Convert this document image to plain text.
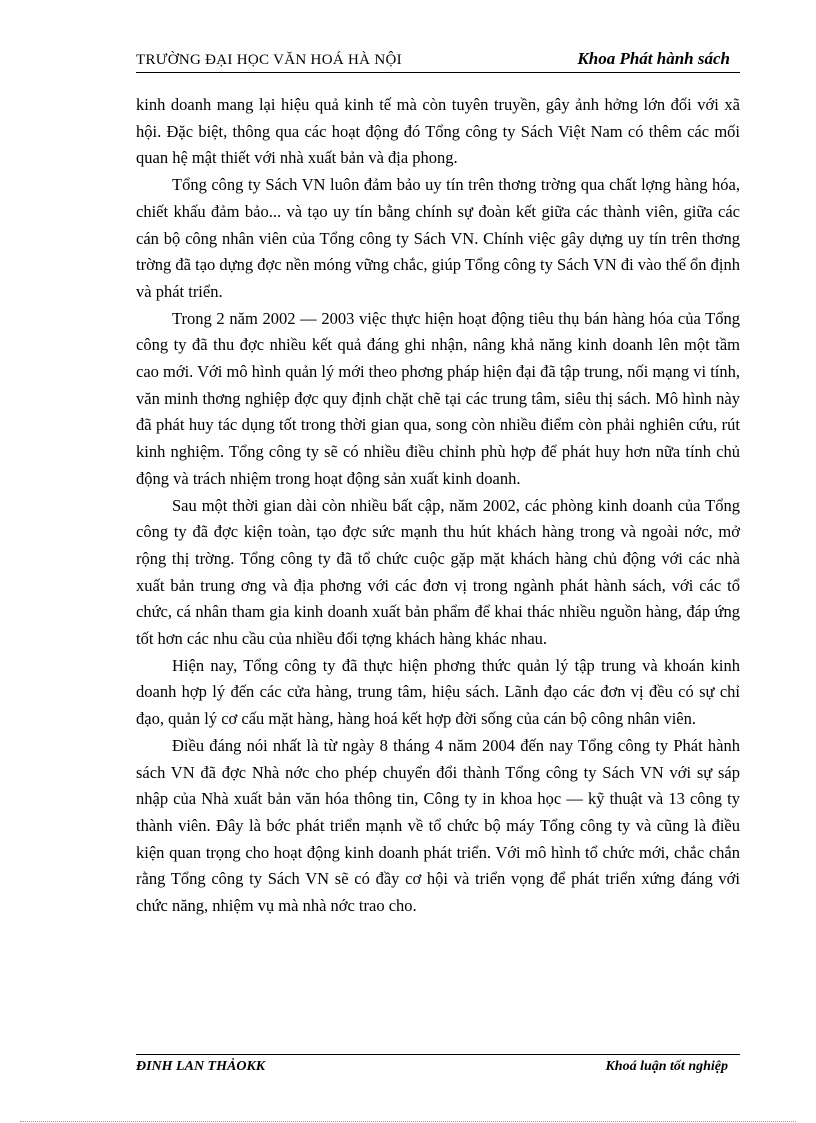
TRƯỜNG ĐẠI HỌC VĂN HOÁ HÀ NỘI	Khoa Phát hành sách

kinh doanh mang lại hiệu quả kinh tế mà còn tuyên truyền, gây ảnh hởng lớn đối với xã hội. Đặc biệt, thông qua các hoạt động đó Tổng công ty Sách Việt Nam có thêm các mối quan hệ mật thiết với nhà xuất bản và địa phong.

Tổng công ty Sách VN luôn đảm bảo uy tín trên thơng trờng qua chất lợng hàng hóa, chiết khấu đảm bảo... và tạo uy tín bằng chính sự đoàn kết giữa các thành viên, giữa các cán bộ công nhân viên của Tổng công ty Sách VN. Chính việc gây dựng uy tín trên thơng trờng đã tạo dựng đợc nền móng vững chắc, giúp Tổng công ty Sách VN đi vào thế ổn định và phát triển.

Trong 2 năm 2002 — 2003 việc thực hiện hoạt động tiêu thụ bán hàng hóa của Tổng công ty đã thu đợc nhiều kết quả đáng ghi nhận, nâng khả năng kinh doanh lên một tầm cao mới. Với mô hình quản lý mới theo phơng pháp hiện đại đã tập trung, nối mạng vi tính, văn minh thơng nghiệp đợc quy định chặt chẽ tại các trung tâm, siêu thị sách. Mô hình này đã phát huy tác dụng tốt trong thời gian qua, song còn nhiều điểm còn phải nghiên cứu, rút kinh nghiệm. Tổng công ty sẽ có nhiều điều chỉnh phù hợp để phát huy hơn nữa tính chủ động và trách nhiệm trong hoạt động sản xuất kinh doanh.

Sau một thời gian dài còn nhiều bất cập, năm 2002, các phòng kinh doanh của Tổng công ty đã đợc kiện toàn, tạo đợc sức mạnh thu hút khách hàng trong và ngoài nớc, mở rộng thị trờng. Tổng công ty đã tổ chức cuộc gặp mặt khách hàng chủ động với các nhà xuất bản trung ơng và địa phơng với các đơn vị trong ngành phát hành sách, với các tổ chức, cá nhân tham gia kinh doanh xuất bản phẩm để khai thác nhiều nguồn hàng, đáp ứng tốt hơn các nhu cầu của nhiều đối tợng khách hàng khác nhau.

Hiện nay, Tổng công ty đã thực hiện phơng thức quản lý tập trung và khoán kinh doanh hợp lý đến các cửa hàng, trung tâm, hiệu sách. Lãnh đạo các đơn vị đều có sự chỉ đạo, quản lý cơ cấu mặt hàng, hàng hoá kết hợp đời sống của cán bộ công nhân viên.

Điều đáng nói nhất là từ ngày 8 tháng 4 năm 2004 đến nay Tổng công ty Phát hành sách VN đã đợc Nhà nớc cho phép chuyển đổi thành Tổng công ty Sách VN với sự sáp nhập của Nhà xuất bản văn hóa thông tin, Công ty in khoa học — kỹ thuật và 13 công ty thành viên. Đây là bớc phát triển mạnh về tổ chức bộ máy Tổng công ty và cũng là điều kiện quan trọng cho hoạt động kinh doanh phát triển. Với mô hình tổ chức mới, chắc chắn rằng Tổng công ty Sách VN sẽ có đầy cơ hội và triển vọng để phát triển xứng đáng với chức năng, nhiệm vụ mà nhà nớc trao cho.

ĐINH LAN THẢOKK	Khoá luận tốt nghiệp
